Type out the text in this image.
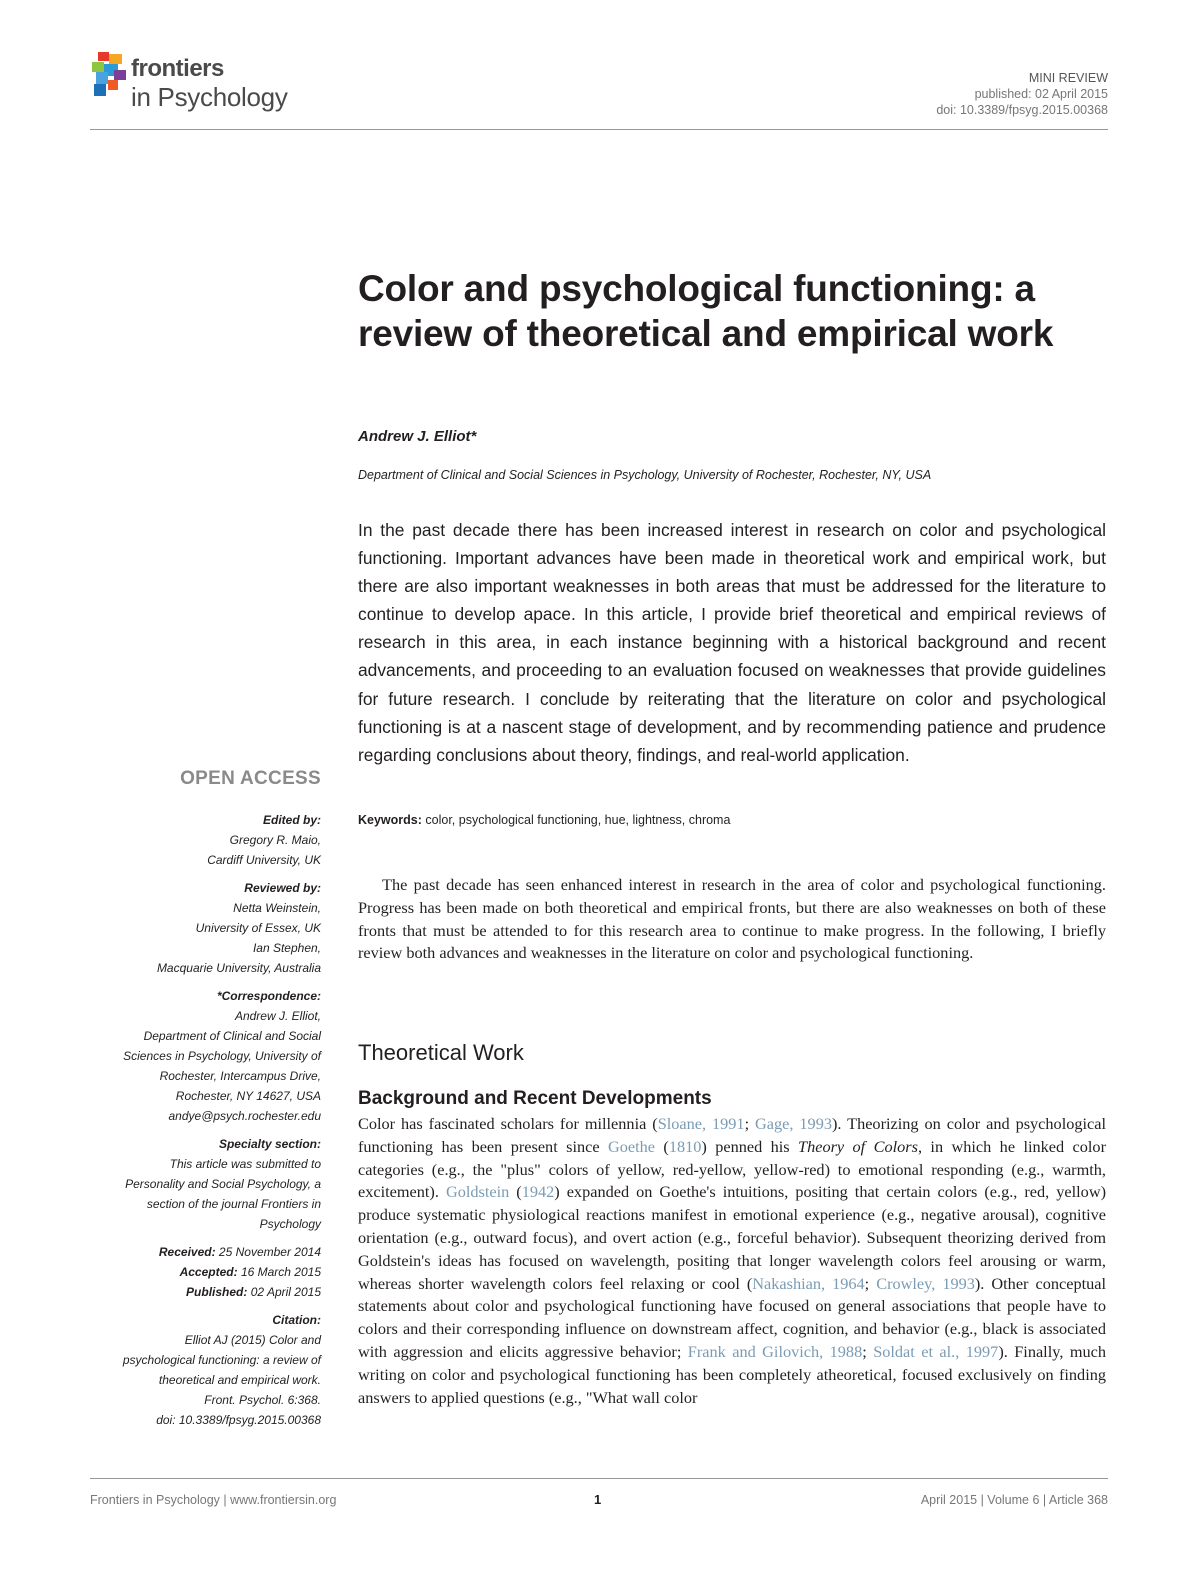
frontiers
in Psychology
MINI REVIEW
published: 02 April 2015
doi: 10.3389/fpsyg.2015.00368
Color and psychological functioning: a review of theoretical and empirical work
Andrew J. Elliot*
Department of Clinical and Social Sciences in Psychology, University of Rochester, Rochester, NY, USA
In the past decade there has been increased interest in research on color and psychological functioning. Important advances have been made in theoretical work and empirical work, but there are also important weaknesses in both areas that must be addressed for the literature to continue to develop apace. In this article, I provide brief theoretical and empirical reviews of research in this area, in each instance beginning with a historical background and recent advancements, and proceeding to an evaluation focused on weaknesses that provide guidelines for future research. I conclude by reiterating that the literature on color and psychological functioning is at a nascent stage of development, and by recommending patience and prudence regarding conclusions about theory, findings, and real-world application.
Keywords: color, psychological functioning, hue, lightness, chroma
OPEN ACCESS
Edited by:
Gregory R. Maio,
Cardiff University, UK
Reviewed by:
Netta Weinstein,
University of Essex, UK
Ian Stephen,
Macquarie University, Australia
*Correspondence:
Andrew J. Elliot,
Department of Clinical and Social
Sciences in Psychology, University of
Rochester, Intercampus Drive,
Rochester, NY 14627, USA
andye@psych.rochester.edu
Specialty section:
This article was submitted to
Personality and Social Psychology, a
section of the journal Frontiers in
Psychology
Received: 25 November 2014
Accepted: 16 March 2015
Published: 02 April 2015
Citation:
Elliot AJ (2015) Color and
psychological functioning: a review of
theoretical and empirical work.
Front. Psychol. 6:368.
doi: 10.3389/fpsyg.2015.00368
The past decade has seen enhanced interest in research in the area of color and psychological functioning. Progress has been made on both theoretical and empirical fronts, but there are also weaknesses on both of these fronts that must be attended to for this research area to continue to make progress. In the following, I briefly review both advances and weaknesses in the literature on color and psychological functioning.
Theoretical Work
Background and Recent Developments
Color has fascinated scholars for millennia (Sloane, 1991; Gage, 1993). Theorizing on color and psychological functioning has been present since Goethe (1810) penned his Theory of Colors, in which he linked color categories (e.g., the "plus" colors of yellow, red-yellow, yellow-red) to emotional responding (e.g., warmth, excitement). Goldstein (1942) expanded on Goethe's intuitions, positing that certain colors (e.g., red, yellow) produce systematic physiological reactions manifest in emotional experience (e.g., negative arousal), cognitive orientation (e.g., outward focus), and overt action (e.g., forceful behavior). Subsequent theorizing derived from Goldstein's ideas has focused on wavelength, positing that longer wavelength colors feel arousing or warm, whereas shorter wavelength colors feel relaxing or cool (Nakashian, 1964; Crowley, 1993). Other conceptual statements about color and psychological functioning have focused on general associations that people have to colors and their corresponding influence on downstream affect, cognition, and behavior (e.g., black is associated with aggression and elicits aggressive behavior; Frank and Gilovich, 1988; Soldat et al., 1997). Finally, much writing on color and psychological functioning has been completely atheoretical, focused exclusively on finding answers to applied questions (e.g., "What wall color
Frontiers in Psychology | www.frontiersin.org	1	April 2015 | Volume 6 | Article 368
